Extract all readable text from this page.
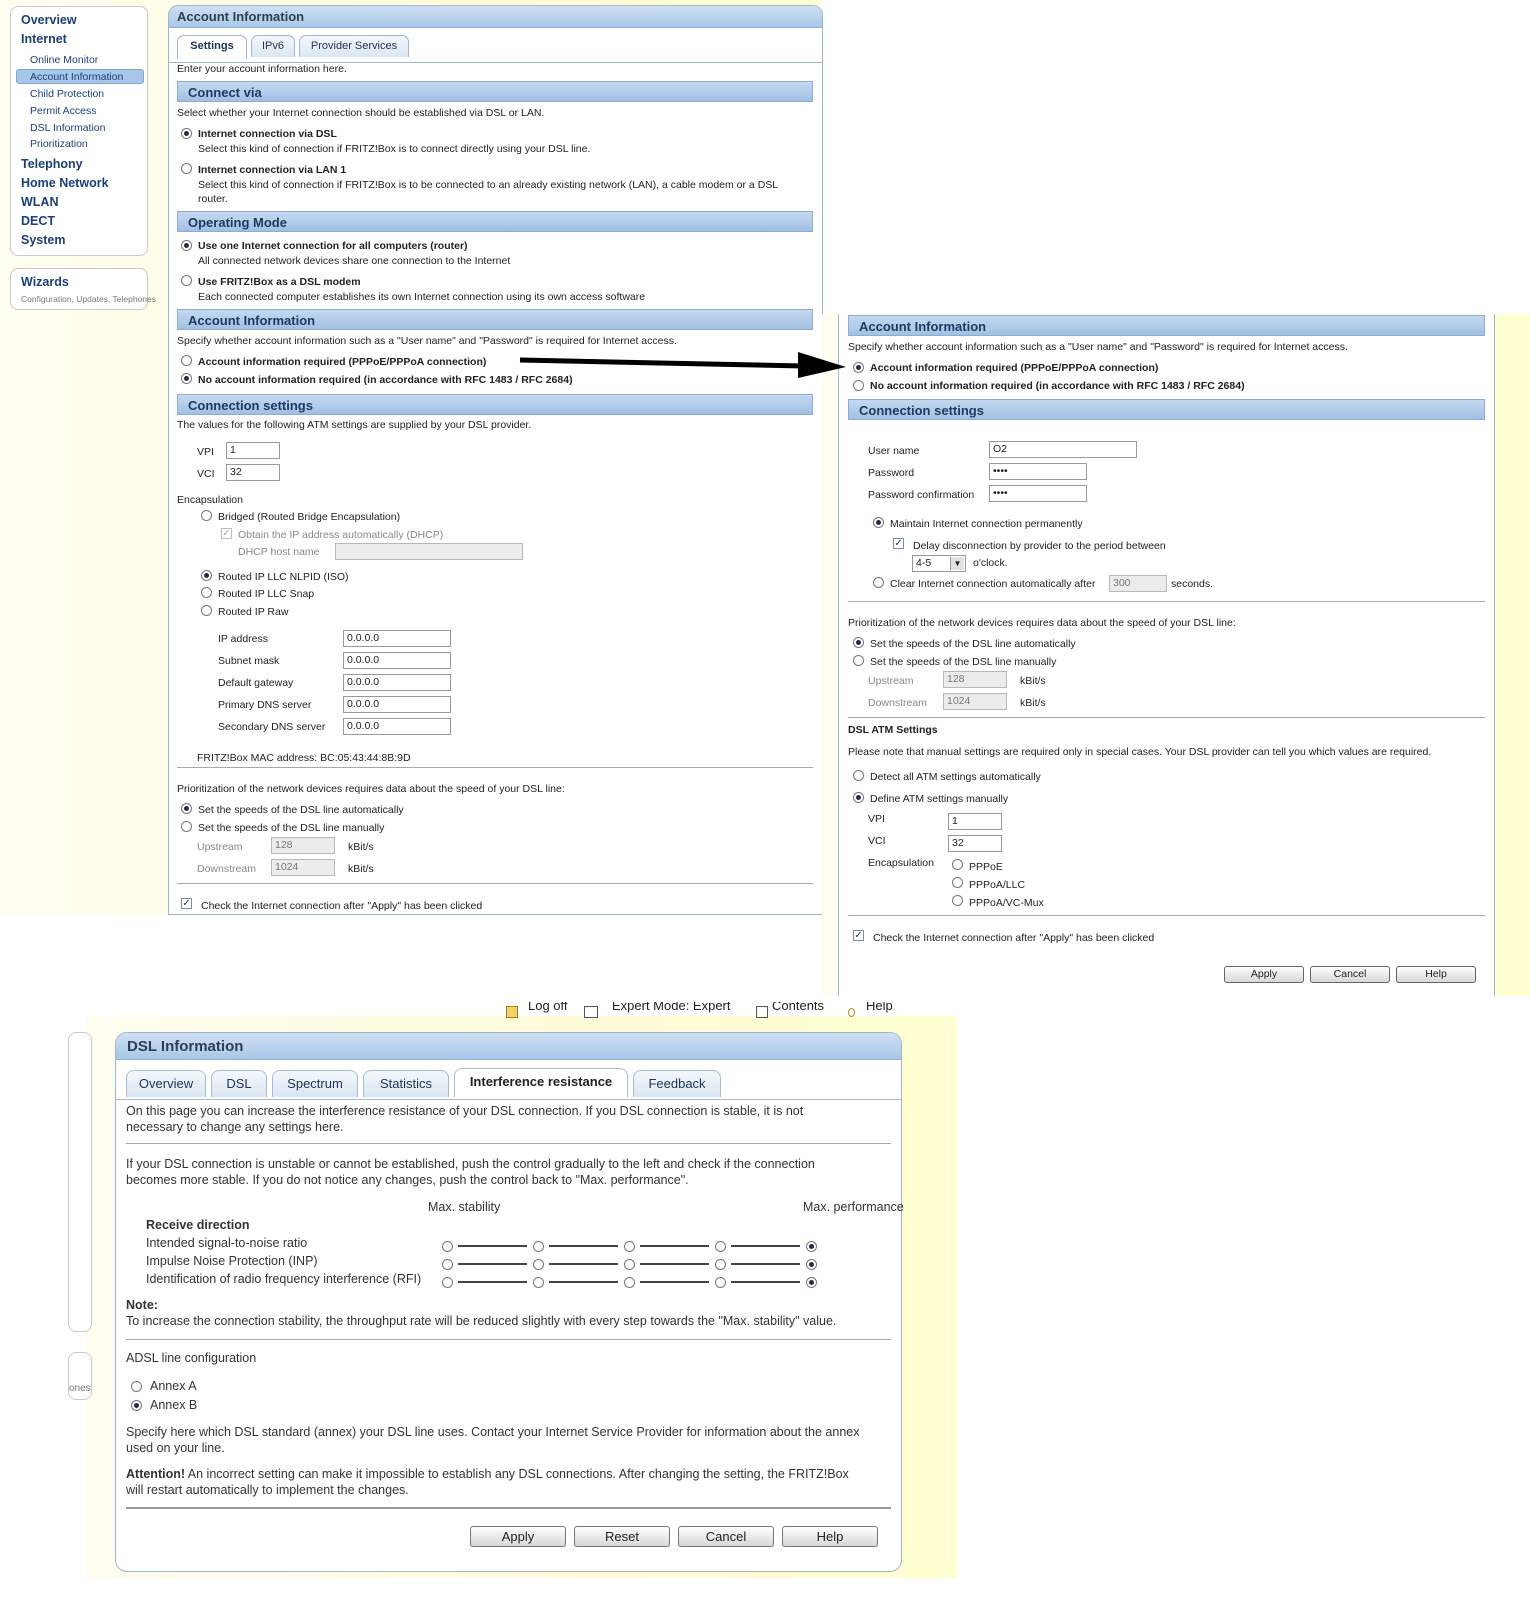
Overview
Internet
Online Monitor
Account Information
Child Protection
Permit Access
DSL Information
Prioritization
Telephony
Home Network
WLAN
DECT
System
Wizards
Configuration, Updates, Telephones
Account Information
Settings	IPv6	Provider Services
Enter your account information here.
Connect via
Select whether your Internet connection should be established via DSL or LAN.
Internet connection via DSL
Select this kind of connection if FRITZ!Box is to connect directly using your DSL line.
Internet connection via LAN 1
Select this kind of connection if FRITZ!Box is to be connected to an already existing network (LAN), a cable modem or a DSL
router.
Operating Mode
Use one Internet connection for all computers (router)
All connected network devices share one connection to the Internet
Use FRITZ!Box as a DSL modem
Each connected computer establishes its own Internet connection using its own access software
Account Information
Specify whether account information such as a "User name" and "Password" is required for Internet access.
Account information required (PPPoE/PPPoA connection)
No account information required (in accordance with RFC 1483 / RFC 2684)
Connection settings
The values for the following ATM settings are supplied by your DSL provider.
VPI	1
VCI	32
Encapsulation
Bridged (Routed Bridge Encapsulation)
✓ Obtain the IP address automatically (DHCP)
DHCP host name
Routed IP LLC NLPID (ISO)
Routed IP LLC Snap
Routed IP Raw
IP address	0.0.0.0
Subnet mask	0.0.0.0
Default gateway	0.0.0.0
Primary DNS server	0.0.0.0
Secondary DNS server	0.0.0.0
FRITZ!Box MAC address: BC:05:43:44:8B:9D
Prioritization of the network devices requires data about the speed of your DSL line:
Set the speeds of the DSL line automatically
Set the speeds of the DSL line manually
Upstream	128	kBit/s
Downstream	1024	kBit/s
✓ Check the Internet connection after "Apply" has been clicked
Account Information
Specify whether account information such as a "User name" and "Password" is required for Internet access.
Account information required (PPPoE/PPPoA connection)
No account information required (in accordance with RFC 1483 / RFC 2684)
Connection settings
User name	O2
Password	••••
Password confirmation	••••
Maintain Internet connection permanently
✓ Delay disconnection by provider to the period between
4-5	▼ o'clock.
Clear Internet connection automatically after	300	seconds.
Prioritization of the network devices requires data about the speed of your DSL line:
Set the speeds of the DSL line automatically
Set the speeds of the DSL line manually
Upstream	128	kBit/s
Downstream	1024	kBit/s
DSL ATM Settings
Please note that manual settings are required only in special cases. Your DSL provider can tell you which values are required.
Detect all ATM settings automatically
Define ATM settings manually
VPI	1
VCI	32
Encapsulation	PPPoE
PPPoA/LLC
PPPoA/VC-Mux
✓ Check the Internet connection after "Apply" has been clicked
Apply	Cancel	Help
Log off	Expert Mode: Expert	Contents	Help
ones
DSL Information
Overview	DSL	Spectrum	Statistics	Interference resistance	Feedback
On this page you can increase the interference resistance of your DSL connection. If you DSL connection is stable, it is not
necessary to change any settings here.
If your DSL connection is unstable or cannot be established, push the control gradually to the left and check if the connection
becomes more stable. If you do not notice any changes, push the control back to "Max. performance".
Max. stability	Max. performance
Receive direction
Intended signal-to-noise ratio
Impulse Noise Protection (INP)
Identification of radio frequency interference (RFI)
Note:
To increase the connection stability, the throughput rate will be reduced slightly with every step towards the "Max. stability" value.
ADSL line configuration
Annex A
Annex B
Specify here which DSL standard (annex) your DSL line uses. Contact your Internet Service Provider for information about the annex
used on your line.
Attention! An incorrect setting can make it impossible to establish any DSL connections. After changing the setting, the FRITZ!Box
will restart automatically to implement the changes.
Apply	Reset	Cancel	Help
